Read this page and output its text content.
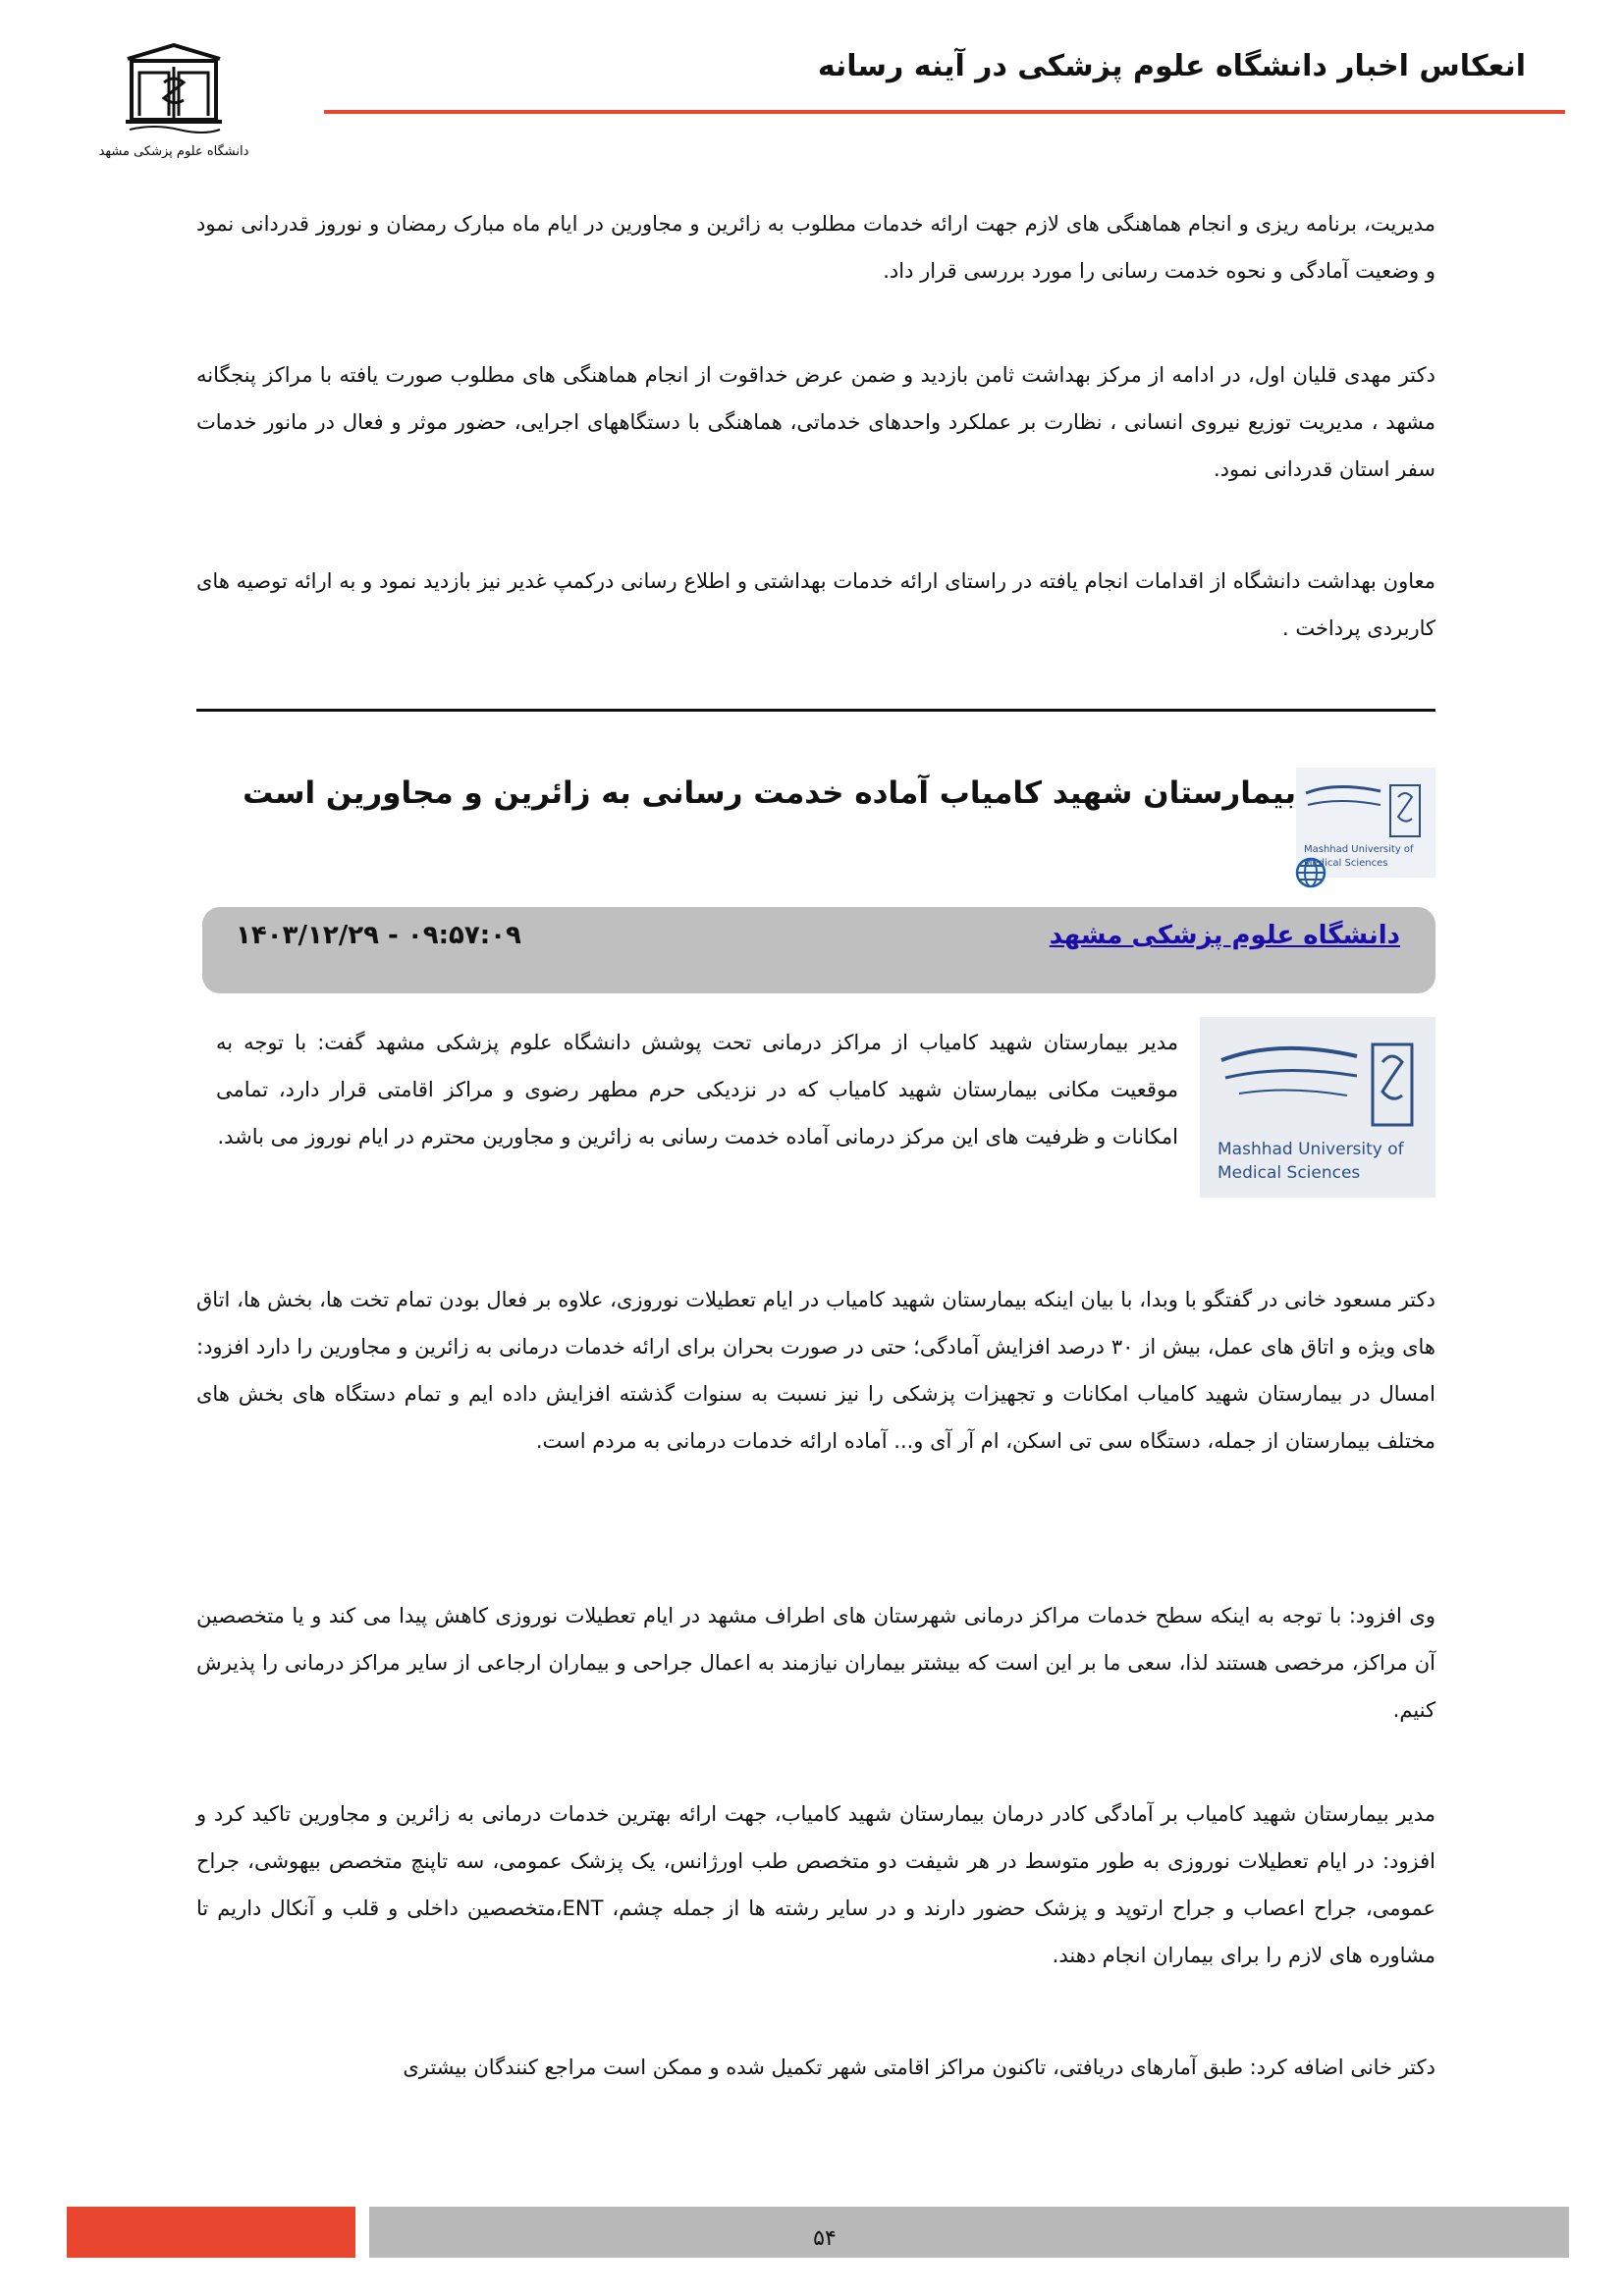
دانشگاه علوم پزشکی مشهد
انعکاس اخبار دانشگاه علوم پزشکی در آینه رسانه
مدیریت، برنامه ریزی و انجام هماهنگی های لازم جهت ارائه خدمات مطلوب به زائرین و مجاورین در ایام ماه مبارک رمضان و نوروز قدردانی نمود و وضعیت آمادگی و نحوه خدمت رسانی را مورد بررسی قرار داد.
دکتر مهدی قلیان اول، در ادامه از مرکز بهداشت ثامن بازدید و ضمن عرض خداقوت از انجام هماهنگی های مطلوب صورت یافته با مراکز پنجگانه مشهد ، مدیریت توزیع نیروی انسانی ، نظارت بر عملکرد واحدهای خدماتی، هماهنگی با دستگاههای اجرایی، حضور موثر و فعال در مانور خدمات سفر استان قدردانی نمود.
معاون بهداشت دانشگاه از اقدامات انجام یافته در راستای ارائه خدمات بهداشتی و اطلاع رسانی درکمپ غدیر نیز بازدید نمود و به ارائه توصیه های کاربردی پرداخت .
Mashhad University of
Medical Sciences
بیمارستان شهید کامیاب آماده خدمت رسانی به زائرین و مجاورین است
دانشگاه علوم پزشکی مشهد
۰۹:۵۷:۰۹ - ۱۴۰۳/۱۲/۲۹
Mashhad University of
Medical Sciences
مدیر بیمارستان شهید کامیاب از مراکز درمانی تحت پوشش دانشگاه علوم پزشکی مشهد گفت: با توجه به موقعیت مکانی بیمارستان شهید کامیاب که در نزدیکی حرم مطهر رضوی و مراکز اقامتی قرار دارد، تمامی امکانات و ظرفیت های این مرکز درمانی آماده خدمت رسانی به زائرین و مجاورین محترم در ایام نوروز می باشد.
دکتر مسعود خانی در گفتگو با وبدا، با بیان اینکه بیمارستان شهید کامیاب در ایام تعطیلات نوروزی، علاوه بر فعال بودن تمام تخت ها، بخش ها، اتاق های ویژه و اتاق های عمل، بیش از ۳۰ درصد افزایش آمادگی؛ حتی در صورت بحران برای ارائه خدمات درمانی به زائرین و مجاورین را دارد افزود: امسال در بیمارستان شهید کامیاب امکانات و تجهیزات پزشکی را نیز نسبت به سنوات گذشته افزایش داده ایم و تمام دستگاه های بخش های مختلف بیمارستان از جمله، دستگاه سی تی اسکن، ام آر آی و... آماده ارائه خدمات درمانی به مردم است.
وی افزود: با توجه به اینکه سطح خدمات مراکز درمانی شهرستان های اطراف مشهد در ایام تعطیلات نوروزی کاهش پیدا می کند و یا متخصصین آن مراکز، مرخصی هستند لذا، سعی ما بر این است که بیشتر بیماران نیازمند به اعمال جراحی و بیماران ارجاعی از سایر مراکز درمانی را پذیرش کنیم.
مدیر بیمارستان شهید کامیاب بر آمادگی کادر درمان بیمارستان شهید کامیاب، جهت ارائه بهترین خدمات درمانی به زائرین و مجاورین تاکید کرد و افزود: در ایام تعطیلات نوروزی به طور متوسط در هر شیفت دو متخصص طب اورژانس، یک پزشک عمومی، سه تاپنچ متخصص بیهوشی، جراح عمومی، جراح اعصاب و جراح ارتوپد و پزشک حضور دارند و در سایر رشته ها از جمله چشم، ENT،متخصصین داخلی و قلب و آنکال داریم تا مشاوره های لازم را برای بیماران انجام دهند.
دکتر خانی اضافه کرد: طبق آمارهای دریافتی، تاکنون مراکز اقامتی شهر تکمیل شده و ممکن است مراجع کنندگان بیشتری
۵۴
